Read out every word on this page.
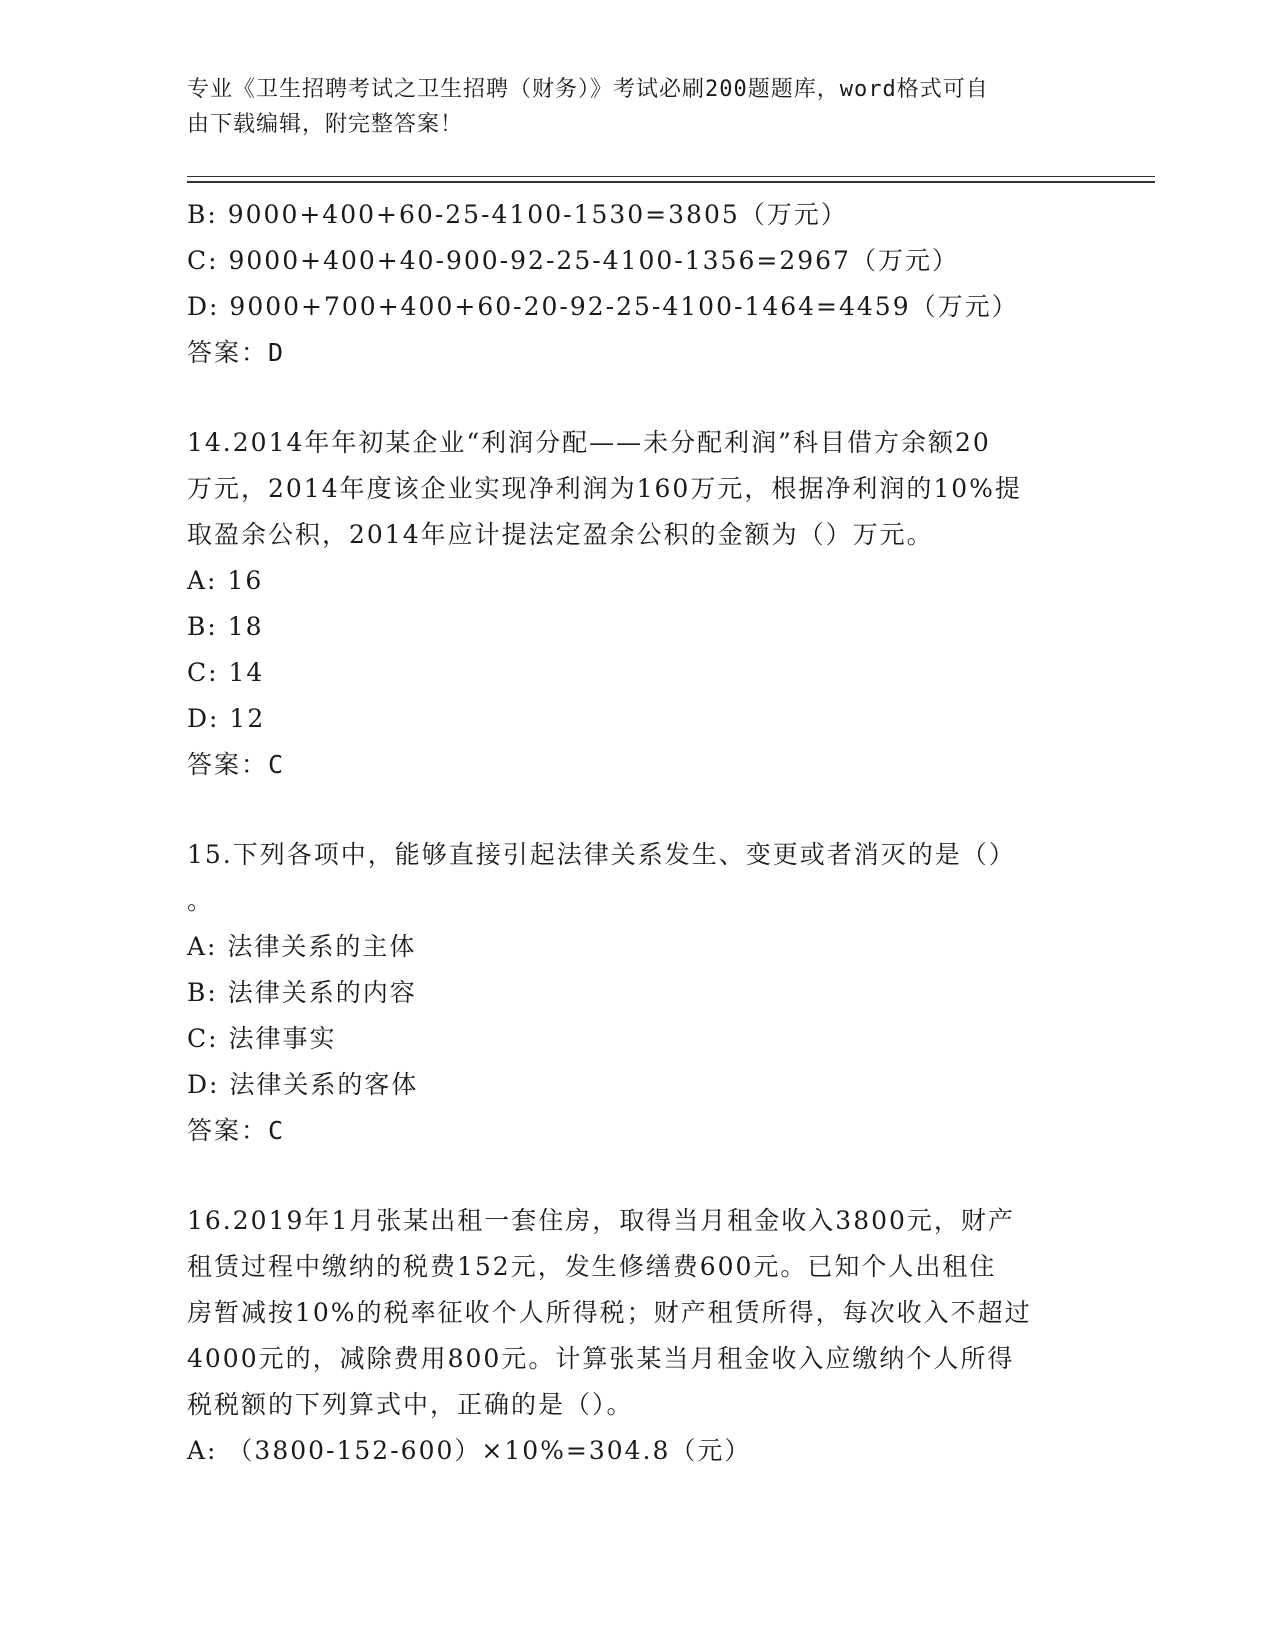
专业《卫生招聘考试之卫生招聘（财务）》考试必刷200题题库，word格式可自
由下载编辑，附完整答案！
B: 9000+400+60-25-4100-1530=3805（万元）
C: 9000+400+40-900-92-25-4100-1356=2967（万元）
D: 9000+700+400+60-20-92-25-4100-1464=4459（万元）
答案：D
14.2014年年初某企业“利润分配——未分配利润”科目借方余额20
万元，2014年度该企业实现净利润为160万元，根据净利润的10%提
取盈余公积，2014年应计提法定盈余公积的金额为（）万元。
A: 16
B: 18
C: 14
D: 12
答案：C
15.下列各项中，能够直接引起法律关系发生、变更或者消灭的是（）
。
A: 法律关系的主体
B: 法律关系的内容
C: 法律事实
D: 法律关系的客体
答案：C
16.2019年1月张某出租一套住房，取得当月租金收入3800元，财产
租赁过程中缴纳的税费152元，发生修缮费600元。已知个人出租住
房暂减按10%的税率征收个人所得税；财产租赁所得，每次收入不超过
4000元的，减除费用800元。计算张某当月租金收入应缴纳个人所得
税税额的下列算式中，正确的是（）。
A: （3800-152-600）×10%=304.8（元）
